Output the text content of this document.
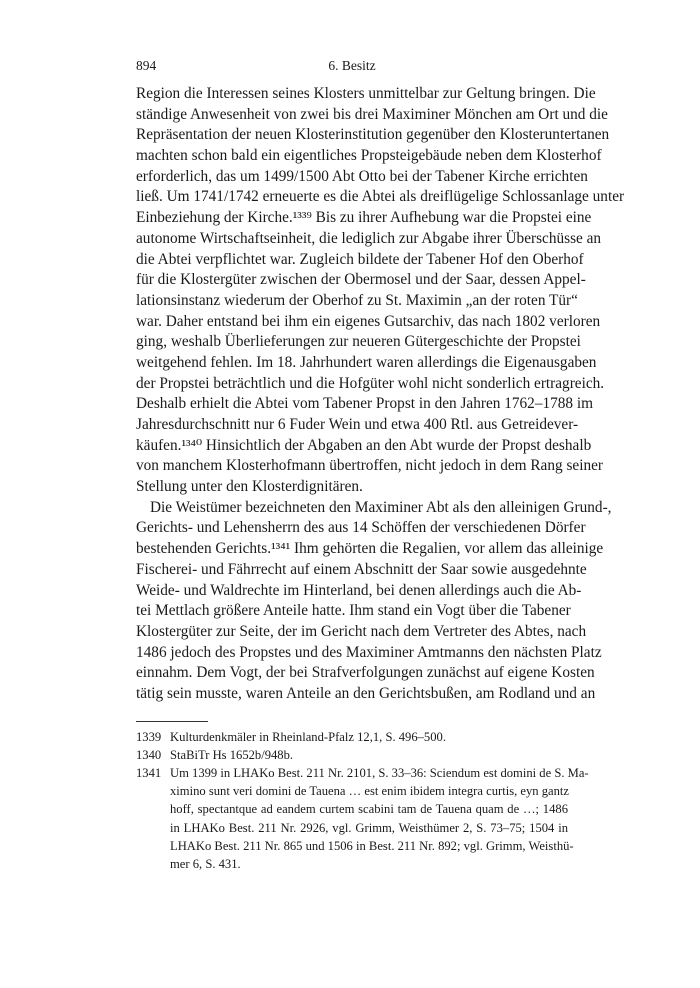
894	6. Besitz
Region die Interessen seines Klosters unmittelbar zur Geltung bringen. Die
ständige Anwesenheit von zwei bis drei Maximiner Mönchen am Ort und die
Repräsentation der neuen Klosterinstitution gegenüber den Klosteruntertanen
machten schon bald ein eigentliches Propsteigebäude neben dem Klosterhof
erforderlich, das um 1499/1500 Abt Otto bei der Tabener Kirche errichten
ließ. Um 1741/1742 erneuerte es die Abtei als dreiflügelige Schlossanlage unter
Einbeziehung der Kirche.¹³³⁹ Bis zu ihrer Aufhebung war die Propstei eine
autonome Wirtschaftseinheit, die lediglich zur Abgabe ihrer Überschüsse an
die Abtei verpflichtet war. Zugleich bildete der Tabener Hof den Oberhof
für die Klostergüter zwischen der Obermosel und der Saar, dessen Appel-
lationsinstanz wiederum der Oberhof zu St. Maximin „an der roten Tür“
war. Daher entstand bei ihm ein eigenes Gutsarchiv, das nach 1802 verloren
ging, weshalb Überlieferungen zur neueren Gütergeschichte der Propstei
weitgehend fehlen. Im 18. Jahrhundert waren allerdings die Eigenausgaben
der Propstei beträchtlich und die Hofgüter wohl nicht sonderlich ertragreich.
Deshalb erhielt die Abtei vom Tabener Propst in den Jahren 1762–1788 im
Jahresdurchschnitt nur 6 Fuder Wein und etwa 400 Rtl. aus Getreidever-
käufen.¹³⁴⁰ Hinsichtlich der Abgaben an den Abt wurde der Propst deshalb
von manchem Klosterhofmann übertroffen, nicht jedoch in dem Rang seiner
Stellung unter den Klosterdignitären.
Die Weistümer bezeichneten den Maximiner Abt als den alleinigen Grund-,
Gerichts- und Lehensherrn des aus 14 Schöffen der verschiedenen Dörfer
bestehenden Gerichts.¹³⁴¹ Ihm gehörten die Regalien, vor allem das alleinige
Fischerei- und Fährrecht auf einem Abschnitt der Saar sowie ausgedehnte
Weide- und Waldrechte im Hinterland, bei denen allerdings auch die Ab-
tei Mettlach größere Anteile hatte. Ihm stand ein Vogt über die Tabener
Klostergüter zur Seite, der im Gericht nach dem Vertreter des Abtes, nach
1486 jedoch des Propstes und des Maximiner Amtmanns den nächsten Platz
einnahm. Dem Vogt, der bei Strafverfolgungen zunächst auf eigene Kosten
tätig sein musste, waren Anteile an den Gerichtsbußen, am Rodland und an
1339 Kulturdenkmäler in Rheinland-Pfalz 12,1, S. 496–500.
1340 StaBiTr Hs 1652b/948b.
1341 Um 1399 in LHAKo Best. 211 Nr. 2101, S. 33–36: Sciendum est domini de S. Ma-
ximino sunt veri domini de Tauena … est enim ibidem integra curtis, eyn gantz
hoff, spectantque ad eandem curtem scabini tam de Tauena quam de …; 1486
in LHAKo Best. 211 Nr. 2926, vgl. Grimm, Weisthümer 2, S. 73–75; 1504 in
LHAKo Best. 211 Nr. 865 und 1506 in Best. 211 Nr. 892; vgl. Grimm, Weisthü-
mer 6, S. 431.
